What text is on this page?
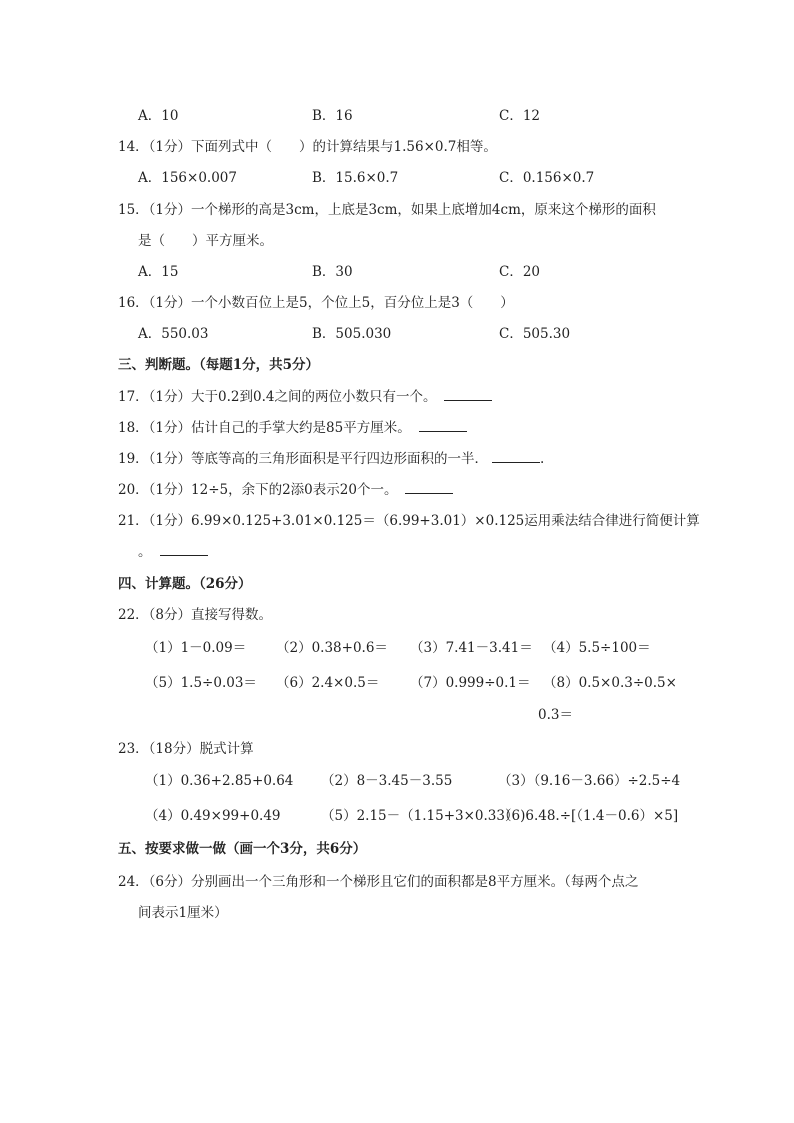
A．10	B．16	C．12
14．（1分）下面列式中（　　）的计算结果与1.56×0.7相等。
A．156×0.007	B．15.6×0.7	C．0.156×0.7
15．（1分）一个梯形的高是3cm，上底是3cm，如果上底增加4cm，原来这个梯形的面积
是（　　）平方厘米。
A．15	B．30	C．20
16．（1分）一个小数百位上是5，个位上5，百分位上是3（　　）
A．550.03	B．505.030	C．505.30
三、判断题。（每题1分，共5分）
17．（1分）大于0.2到0.4之间的两位小数只有一个。
18．（1分）估计自己的手掌大约是85平方厘米。
19．（1分）等底等高的三角形面积是平行四边形面积的一半．	.
20．（1分）12÷5，余下的2添0表示20个一。
21．（1分）6.99×0.125+3.01×0.125＝（6.99+3.01）×0.125运用乘法结合律进行简便计算
。
四、计算题。（26分）
22．（8分）直接写得数。
（1）1－0.09＝ （2）0.38+0.6＝ （3）7.41－3.41＝ （4）5.5÷100＝
（5）1.5÷0.03＝ （6）2.4×0.5＝ （7）0.999÷0.1＝ （8）0.5×0.3÷0.5×
0.3＝
23．（18分）脱式计算
（1）0.36+2.85+0.64 （2）8－3.45－3.55	（3）（9.16－3.66）÷2.5÷4
（4）0.49×99+0.49	（5）2.15－（1.15+3×0.33）
（6)6.48.÷[（1.4－0.6）×5]
五、按要求做一做（画一个3分，共6分）
24．（6分）分别画出一个三角形和一个梯形且它们的面积都是8平方厘米。（每两个点之
间表示1厘米）
